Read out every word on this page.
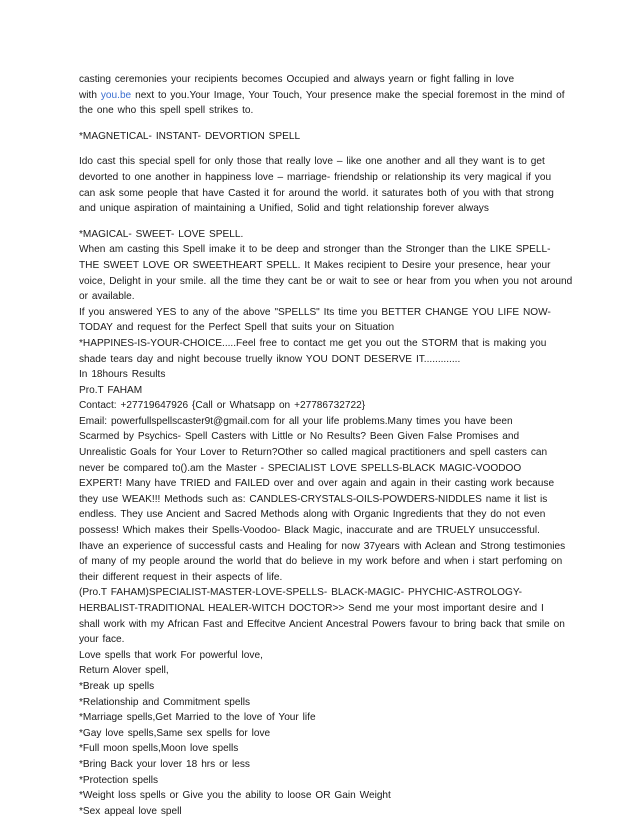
casting ceremonies your recipients becomes Occupied and always yearn or fight falling in love
with you.be next to you.Your Image, Your Touch, Your presence make the special foremost in the mind of
the one who this spell spell strikes to.
*MAGNETICAL- INSTANT- DEVORTION SPELL
Ido cast this special spell for only those that really love – like one another and all they want is to get
devorted to one another in happiness love – marriage- friendship or relationship its very magical if you
can ask some people that have Casted it for around the world. it saturates both of you with that strong
and unique aspiration of maintaining a Unified, Solid and tight relationship forever always
*MAGICAL- SWEET- LOVE SPELL.
When am casting this Spell imake it to be deep and stronger than the Stronger than the LIKE SPELL-
THE SWEET LOVE OR SWEETHEART SPELL. It Makes recipient to Desire your presence, hear your
voice, Delight in your smile. all the time they cant be or wait to see or hear from you when you not around
or available.
If you answered YES to any of the above "SPELLS" Its time you BETTER CHANGE YOU LIFE NOW-
TODAY and request for the Perfect Spell that suits your on Situation
*HAPPINES-IS-YOUR-CHOICE.....Feel free to contact me get you out the STORM that is making you
shade tears day and night becouse truelly iknow YOU DONT DESERVE IT.............
In 18hours Results
Pro.T FAHAM
Contact: +27719647926 {Call or Whatsapp on +27786732722}
Email: powerfullspellscaster9t@gmail.com for all your life problems.Many times you have been
Scarmed by Psychics- Spell Casters with Little or No Results? Been Given False Promises and
Unrealistic Goals for Your Lover to Return?Other so called magical practitioners and spell casters can
never be compared to().am the Master - SPECIALIST LOVE SPELLS-BLACK MAGIC-VOODOO
EXPERT! Many have TRIED and FAILED over and over again and again in their casting work because
they use WEAK!!! Methods such as: CANDLES-CRYSTALS-OILS-POWDERS-NIDDLES name it list is
endless. They use Ancient and Sacred Methods along with Organic Ingredients that they do not even
possess! Which makes their Spells-Voodoo- Black Magic, inaccurate and are TRUELY unsuccessful.
Ihave an experience of successful casts and Healing for now 37years with Aclean and Strong testimonies
of many of my people around the world that do believe in my work before and when i start perfoming on
their different request in their aspects of life.
(Pro.T FAHAM)SPECIALIST-MASTER-LOVE-SPELLS- BLACK-MAGIC- PHYCHIC-ASTROLOGY-
HERBALIST-TRADITIONAL HEALER-WITCH DOCTOR>> Send me your most important desire and I
shall work with my African Fast and Effecitve Ancient Ancestral Powers favour to bring back that smile on
your face.
Love spells that work For powerful love,
Return Alover spell,
*Break up spells
*Relationship and Commitment spells
*Marriage spells,Get Married to the love of Your life
*Gay love spells,Same sex spells for love
*Full moon spells,Moon love spells
*Bring Back your lover 18 hrs or less
*Protection spells
*Weight loss spells or Give you the ability to loose OR Gain Weight
*Sex appeal love spell
